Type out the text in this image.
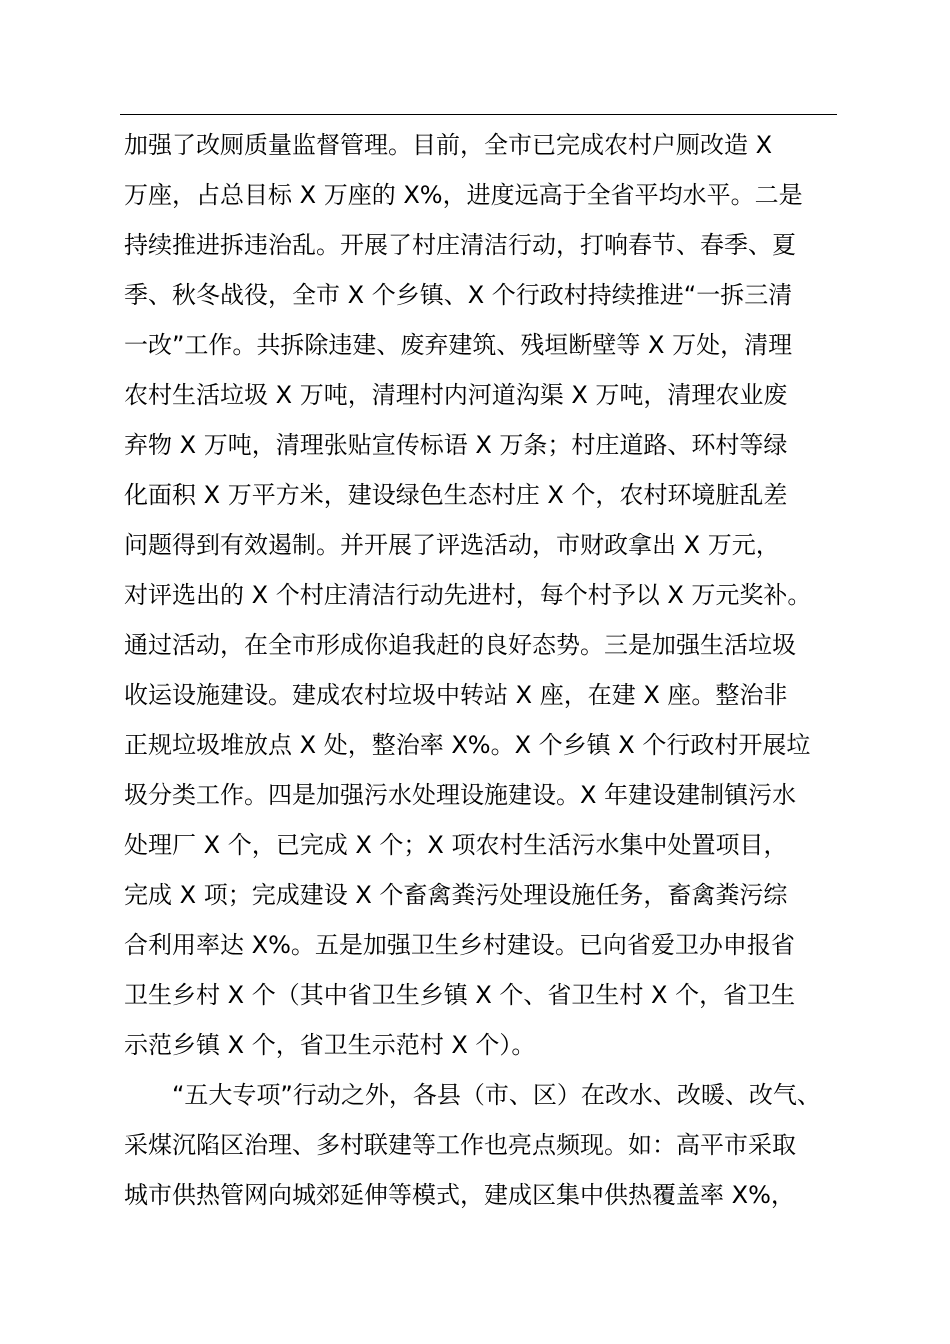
加强了改厕质量监督管理。目前，全市已完成农村户厕改造 X
万座，占总目标 X 万座的 X%，进度远高于全省平均水平。二是
持续推进拆违治乱。开展了村庄清洁行动，打响春节、春季、夏
季、秋冬战役，全市 X 个乡镇、X 个行政村持续推进“一拆三清
一改”工作。共拆除违建、废弃建筑、残垣断壁等 X 万处，清理
农村生活垃圾 X 万吨，清理村内河道沟渠 X 万吨，清理农业废
弃物 X 万吨，清理张贴宣传标语 X 万条；村庄道路、环村等绿
化面积 X 万平方米，建设绿色生态村庄 X 个，农村环境脏乱差
问题得到有效遏制。并开展了评选活动，市财政拿出 X 万元，
对评选出的 X 个村庄清洁行动先进村，每个村予以 X 万元奖补。
通过活动，在全市形成你追我赶的良好态势。三是加强生活垃圾
收运设施建设。建成农村垃圾中转站 X 座，在建 X 座。整治非
正规垃圾堆放点 X 处，整治率 X%。X 个乡镇 X 个行政村开展垃
圾分类工作。四是加强污水处理设施建设。X 年建设建制镇污水
处理厂 X 个，已完成 X 个；X 项农村生活污水集中处置项目，
完成 X 项；完成建设 X 个畜禽粪污处理设施任务，畜禽粪污综
合利用率达 X%。五是加强卫生乡村建设。已向省爱卫办申报省
卫生乡村 X 个（其中省卫生乡镇 X 个、省卫生村 X 个，省卫生
示范乡镇 X 个，省卫生示范村 X 个）。
“五大专项”行动之外，各县（市、区）在改水、改暖、改气、
采煤沉陷区治理、多村联建等工作也亮点频现。如：高平市采取
城市供热管网向城郊延伸等模式，建成区集中供热覆盖率 X%，
